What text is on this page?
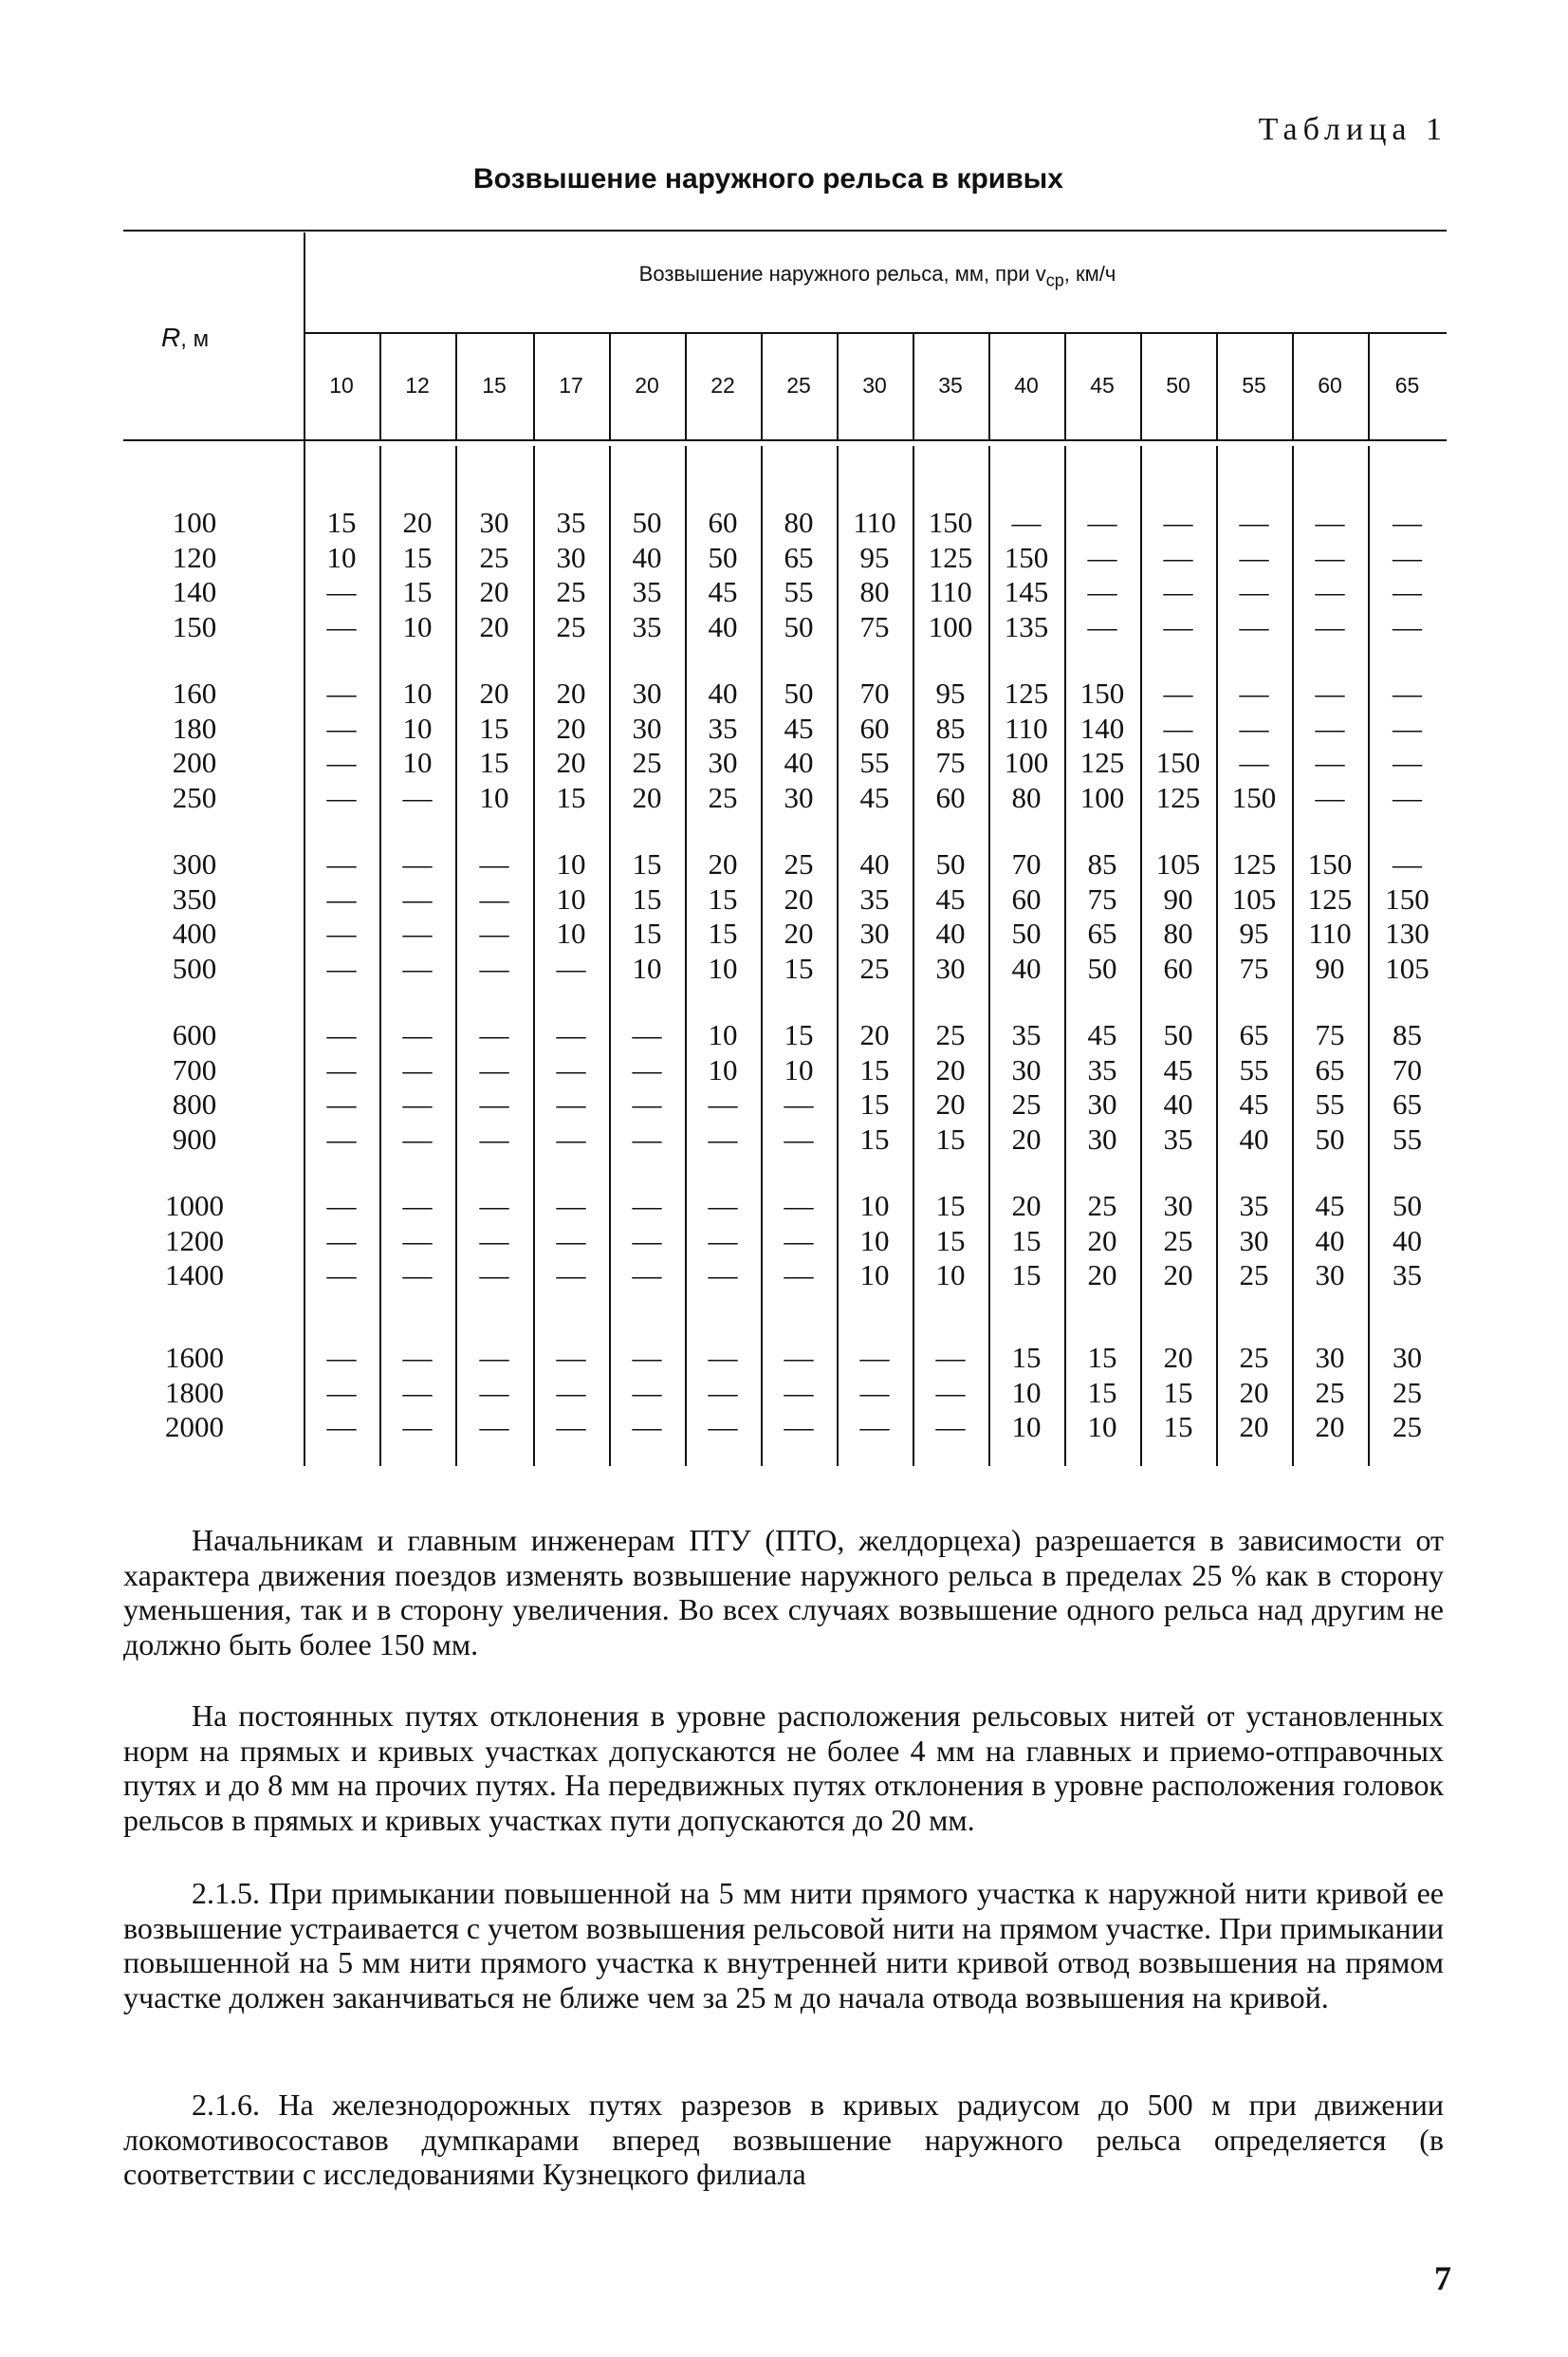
Таблица 1
Возвышение наружного рельса в кривых
Возвышение наружного рельса, мм, при $v_{ср}$, км/ч
R, м
10	12	15	17	20	22	25	30	35	40	45	50	55	60	65
100	15	20	30	35	50	60	80	110	150	—	—	—	—	—	—
120	10	15	25	30	40	50	65	95	125	150	—	—	—	—	—
140	—	15	20	25	35	45	55	80	110	145	—	—	—	—	—
150	—	10	20	25	35	40	50	75	100	135	—	—	—	—	—
160	—	10	20	20	30	40	50	70	95	125	150	—	—	—	—
180	—	10	15	20	30	35	45	60	85	110	140	—	—	—	—
200	—	10	15	20	25	30	40	55	75	100	125	150	—	—	—
250	—	—	10	15	20	25	30	45	60	80	100	125	150	—	—
300	—	—	—	10	15	20	25	40	50	70	85	105	125	150	—
350	—	—	—	10	15	15	20	35	45	60	75	90	105	125	150
400	—	—	—	10	15	15	20	30	40	50	65	80	95	110	130
500	—	—	—	—	10	10	15	25	30	40	50	60	75	90	105
600	—	—	—	—	—	10	15	20	25	35	45	50	65	75	85
700	—	—	—	—	—	10	10	15	20	30	35	45	55	65	70
800	—	—	—	—	—	—	—	15	20	25	30	40	45	55	65
900	—	—	—	—	—	—	—	15	15	20	30	35	40	50	55
1000	—	—	—	—	—	—	—	10	15	20	25	30	35	45	50
1200	—	—	—	—	—	—	—	10	15	15	20	25	30	40	40
1400	—	—	—	—	—	—	—	10	10	15	20	20	25	30	35
1600	—	—	—	—	—	—	—	—	—	15	15	20	25	30	30
1800	—	—	—	—	—	—	—	—	—	10	15	15	20	25	25
2000	—	—	—	—	—	—	—	—	—	10	10	15	20	20	25
Начальникам и главным инженерам ПТУ (ПТО, желдорцеха) разрешается в зависимости от характера движения поездов изменять возвышение наружного рельса в пределах 25 % как в сторону уменьшения, так и в сторону увеличения. Во всех случаях возвышение одного рельса над другим не должно быть более 150 мм.
На постоянных путях отклонения в уровне расположения рельсовых нитей от установленных норм на прямых и кривых участках допускаются не более 4 мм на главных и приемо-отправочных путях и до 8 мм на прочих путях. На передвижных путях отклонения в уровне расположения головок рельсов в прямых и кривых участках пути допускаются до 20 мм.
2.1.5. При примыкании повышенной на 5 мм нити прямого участка к наружной нити кривой ее возвышение устраивается с учетом возвышения рельсовой нити на прямом участке. При примыкании повышенной на 5 мм нити прямого участка к внутренней нити кривой отвод возвышения на прямом участке должен заканчиваться не ближе чем за 25 м до начала отвода возвышения на кривой.
2.1.6. На железнодорожных путях разрезов в кривых радиусом до 500 м при движении локомотивосоставов думпкарами вперед возвышение наружного рельса определяется (в соответствии с исследованиями Кузнецкого филиала
7
